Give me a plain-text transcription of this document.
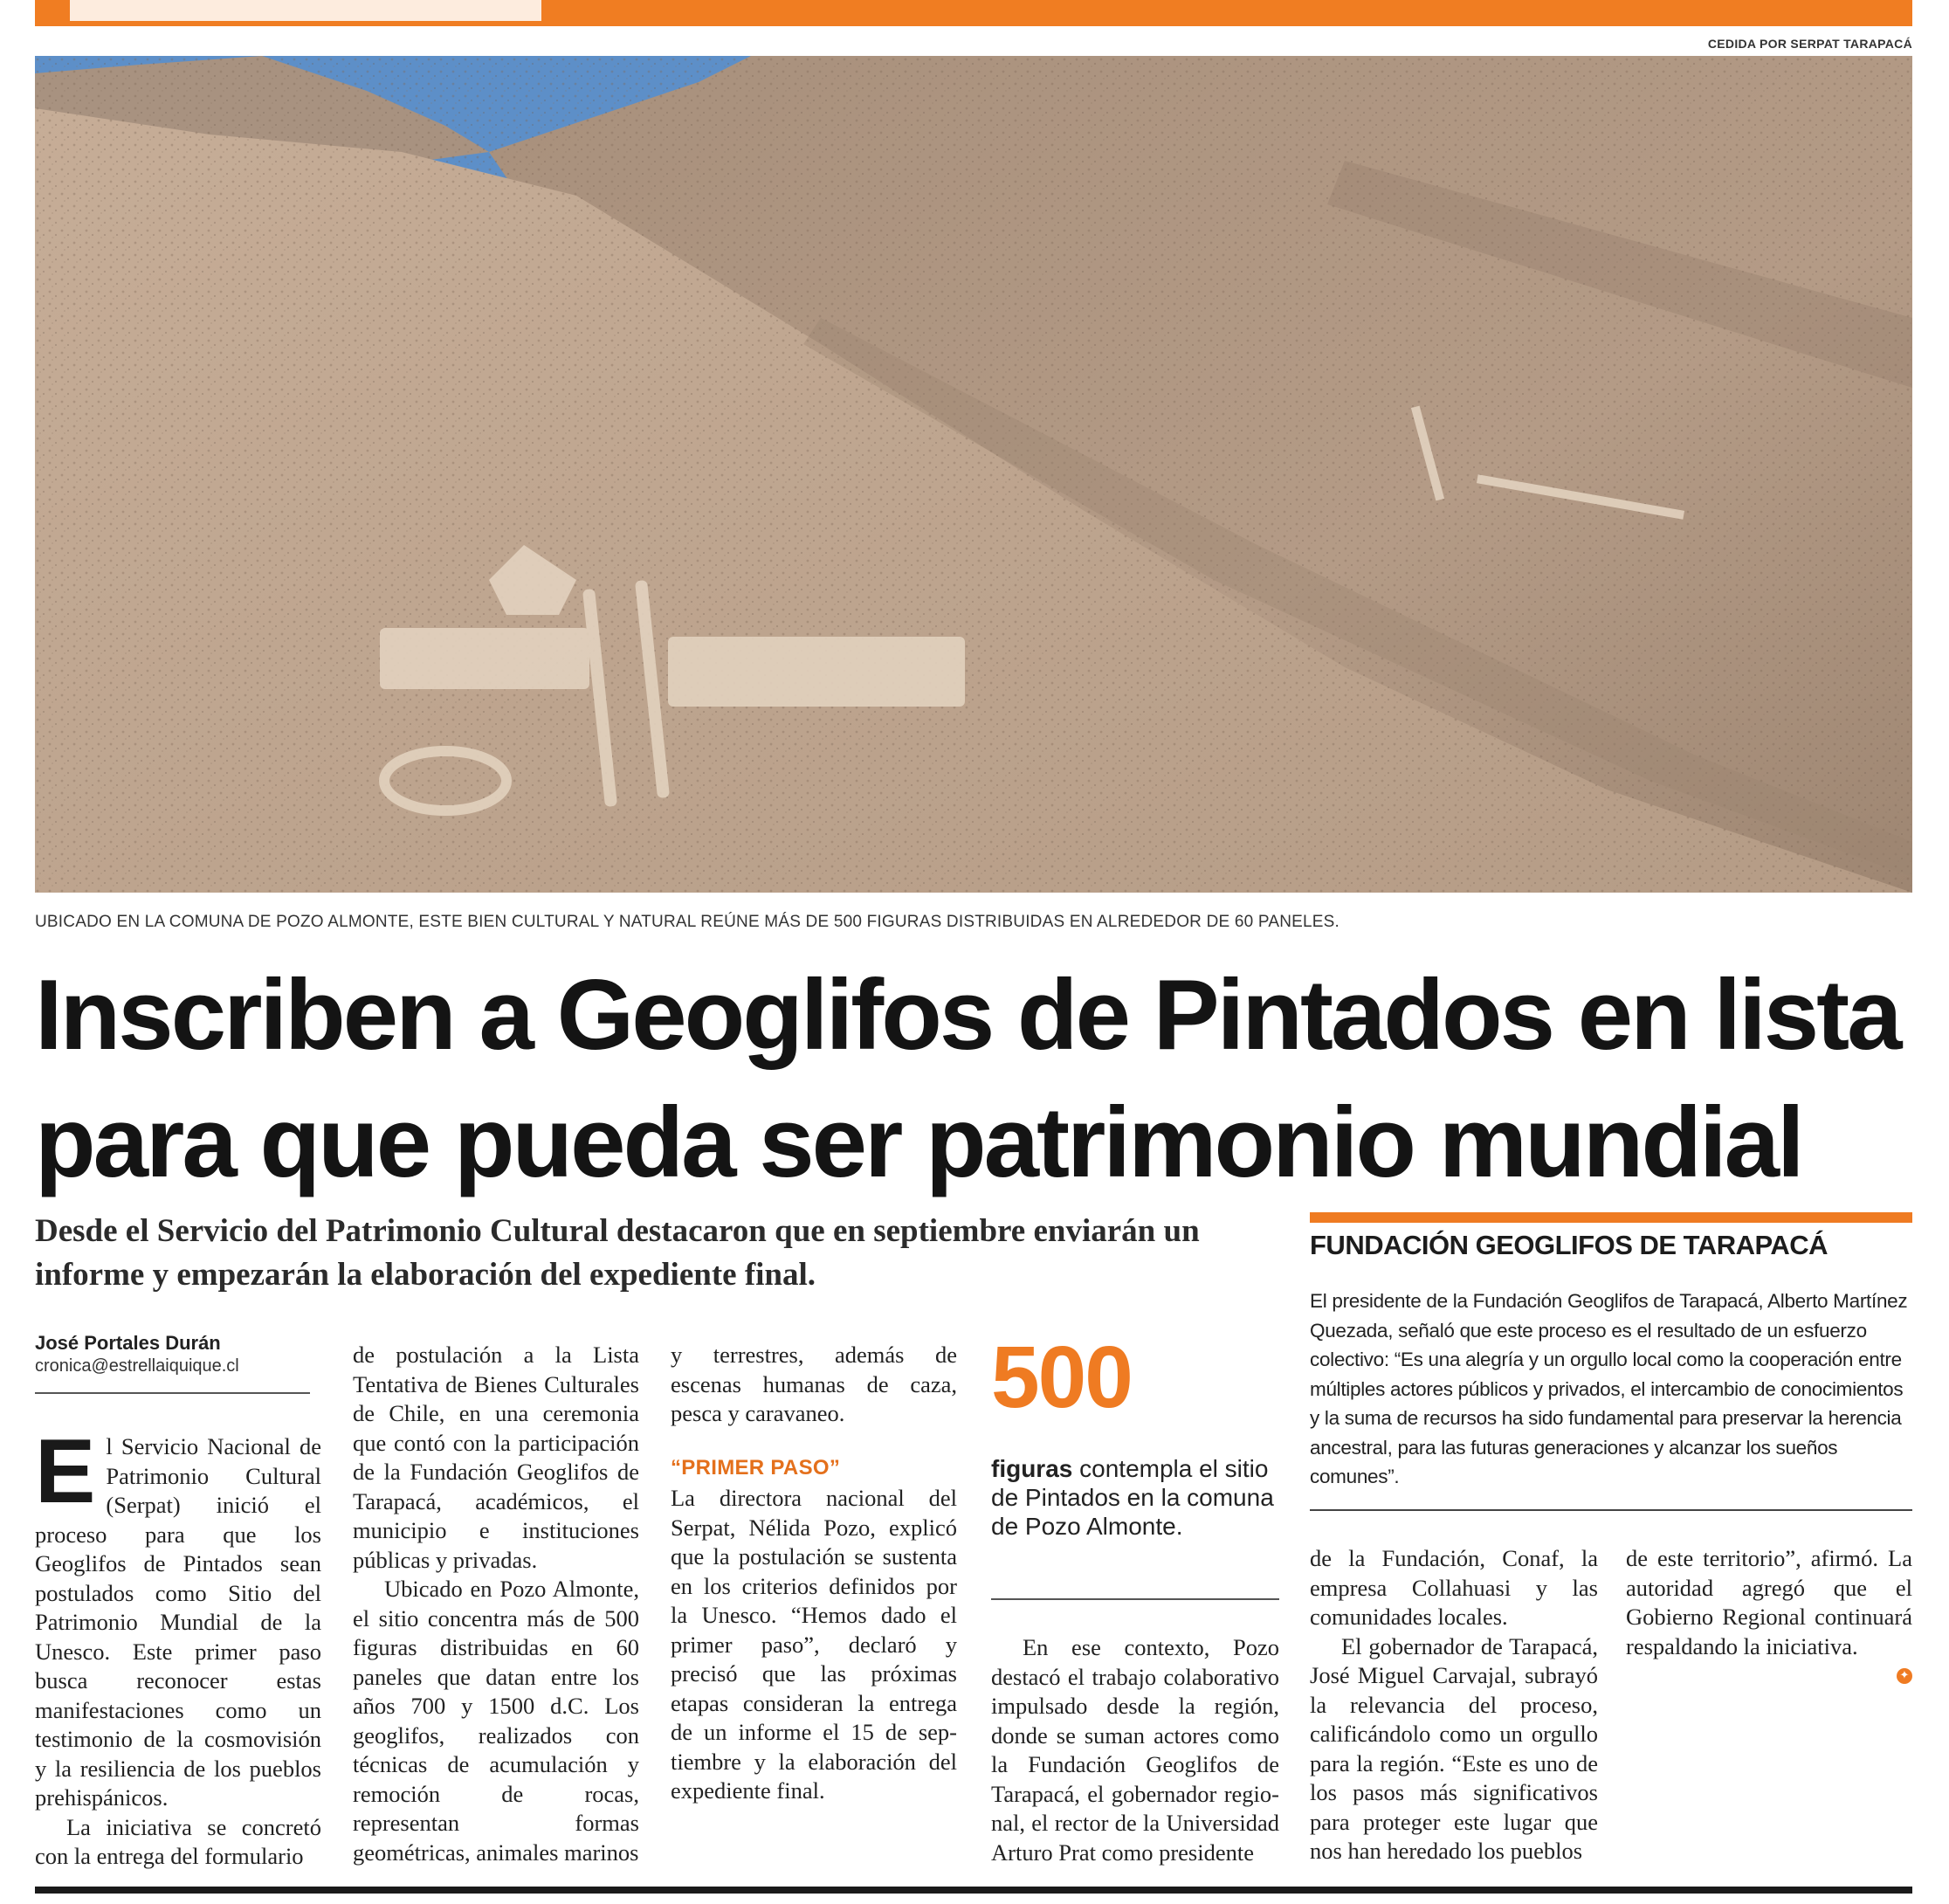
CEDIDA POR SERPAT TARAPACÁ
UBICADO EN LA COMUNA DE POZO ALMONTE, ESTE BIEN CULTURAL Y NATURAL REÚNE MÁS DE 500 FIGURAS DISTRIBUIDAS EN ALREDEDOR DE 60 PANELES.
Inscriben a Geoglifos de Pintados en lista
para que pueda ser patrimonio mundial

Desde el Servicio del Patrimonio Cultural destacaron que en septiembre enviarán un informe y empezarán la elaboración del expediente final.

José Portales Durán
cronica@estrellaiquique.cl

E l Servicio Nacional de Patrimonio Cultural (Serpat) inició el proceso para que los Geoglifos de Pintados sean postulados como Sitio del Patrimonio Mundial de la Unesco. Este primer paso busca reconocer estas manifestaciones como un testimonio de la cosmovisión y la resiliencia de los pueblos prehispánicos.

La iniciativa se concretó con la entrega del formulario

de postulación a la Lista Tentativa de Bienes Culturales de Chile, en una ceremonia que contó con la participación de la Fundación Geoglifos de Tarapacá, académicos, el municipio e instituciones públicas y privadas.

Ubicado en Pozo Almonte, el sitio concentra más de 500 figuras distribuidas en 60 paneles que datan entre los años 700 y 1500 d.C. Los geoglifos, realizados con técnicas de acumulación y remoción de rocas, representan formas geométricas, animales marinos

y terrestres, además de escenas humanas de caza, pesca y caravaneo.

“PRIMER PASO”

La directora nacional del Serpat, Nélida Pozo, explicó que la postulación se sustenta en los criterios definidos por la Unesco. “Hemos dado el primer paso”, declaró y precisó que las próximas etapas consideran la entrega de un informe el 15 de septiembre y la elaboración del expediente final.

500
figuras contempla el sitio de Pintados en la comuna de Pozo Almonte.

En ese contexto, Pozo destacó el trabajo colaborativo impulsado desde la región, donde se suman actores como la Fundación Geoglifos de Tarapacá, el gobernador regional, el rector de la Universidad Arturo Prat como presidente

FUNDACIÓN GEOGLIFOS DE TARAPACÁ

El presidente de la Fundación Geoglifos de Tarapacá, Alberto Martínez Quezada, señaló que este proceso es el resultado de un esfuerzo colectivo: “Es una alegría y un orgullo local como la cooperación entre múltiples actores públicos y privados, el intercambio de conocimientos y la suma de recursos ha sido fundamental para preservar la herencia ancestral, para las futuras generaciones y alcanzar los sueños comunes”.

de la Fundación, Conaf, la empresa Collahuasi y las comunidades locales.

El gobernador de Tarapacá, José Miguel Carvajal, subrayó la relevancia del proceso, calificándolo como un orgullo para la región. “Este es uno de los pasos más significativos para proteger este lugar que nos han heredado los pueblos

de este territorio”, afirmó. La autoridad agregó que el Gobierno Regional continuará respaldando la iniciativa.

✦
